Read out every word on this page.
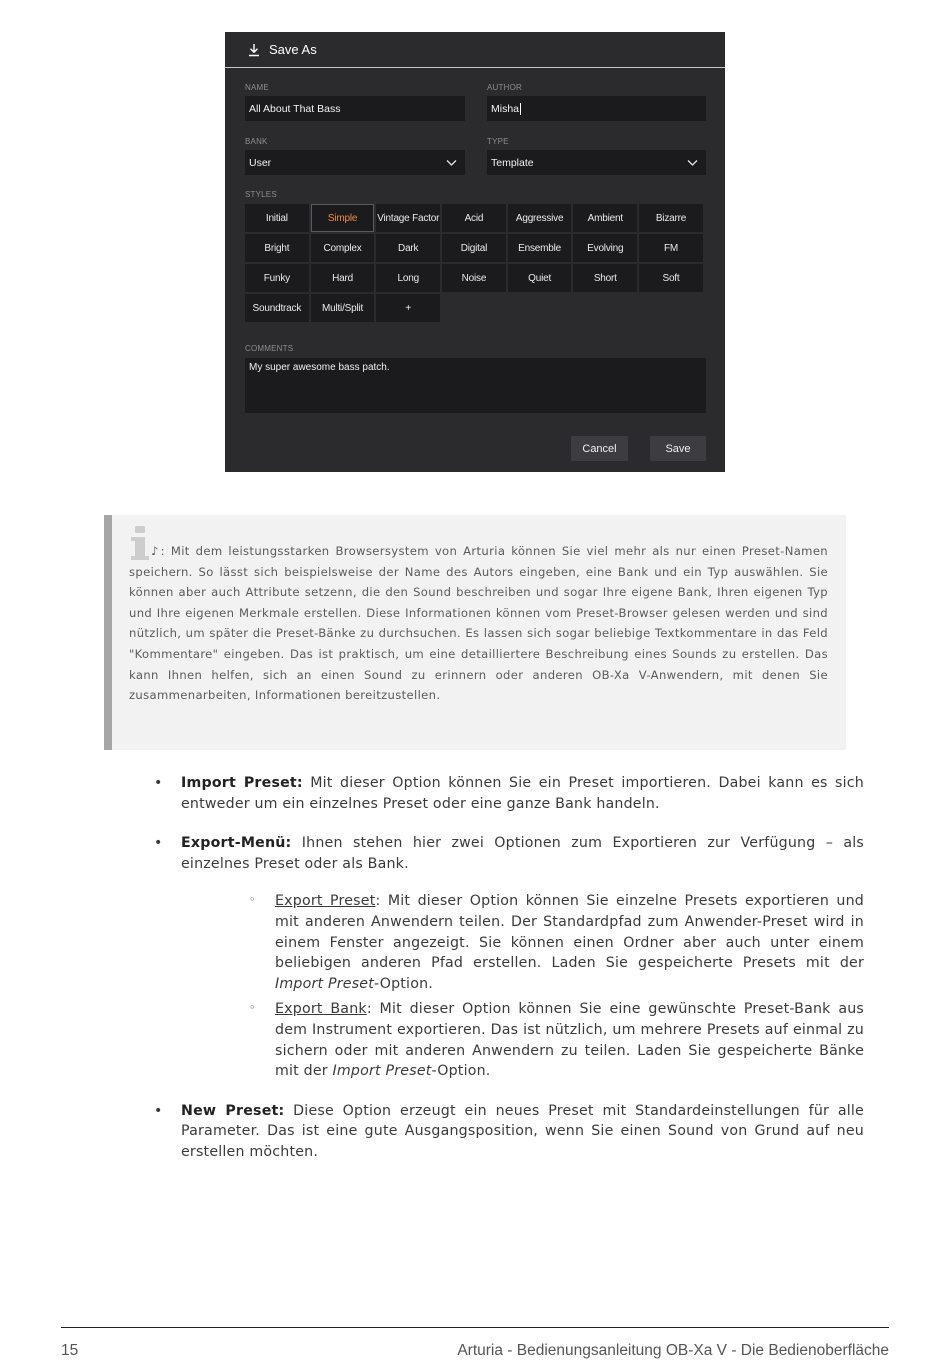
Save As
NAME
All About That Bass
AUTHOR
Misha
BANK
User
TYPE
Template
STYLES
Initial	Simple	Vintage Factor	Acid	Aggressive	Ambient	Bizarre
Bright	Complex	Dark	Digital	Ensemble	Evolving	FM
Funky	Hard	Long	Noise	Quiet	Short	Soft
Soundtrack	Multi/Split	+
COMMENTS
My super awesome bass patch.
Cancel	Save

♪: Mit dem leistungsstarken Browsersystem von Arturia können Sie viel mehr als nur einen Preset-Namen speichern. So lässt sich beispielsweise der Name des Autors eingeben, eine Bank und ein Typ auswählen. Sie können aber auch Attribute setzenn, die den Sound beschreiben und sogar Ihre eigene Bank, Ihren eigenen Typ und Ihre eigenen Merkmale erstellen. Diese Informationen können vom Preset-Browser gelesen werden und sind nützlich, um später die Preset-Bänke zu durchsuchen. Es lassen sich sogar beliebige Textkommentare in das Feld "Kommentare" eingeben. Das ist praktisch, um eine detailliertere Beschreibung eines Sounds zu erstellen. Das kann Ihnen helfen, sich an einen Sound zu erinnern oder anderen OB-Xa V-Anwendern, mit denen Sie zusammenarbeiten, Informationen bereitzustellen.

• Import Preset: Mit dieser Option können Sie ein Preset importieren. Dabei kann es sich entweder um ein einzelnes Preset oder eine ganze Bank handeln.
• Export-Menü: Ihnen stehen hier zwei Optionen zum Exportieren zur Verfügung – als einzelnes Preset oder als Bank.
◦ Export Preset: Mit dieser Option können Sie einzelne Presets exportieren und mit anderen Anwendern teilen. Der Standardpfad zum Anwender-Preset wird in einem Fenster angezeigt. Sie können einen Ordner aber auch unter einem beliebigen anderen Pfad erstellen. Laden Sie gespeicherte Presets mit der Import Preset-Option.
◦ Export Bank: Mit dieser Option können Sie eine gewünschte Preset-Bank aus dem Instrument exportieren. Das ist nützlich, um mehrere Presets auf einmal zu sichern oder mit anderen Anwendern zu teilen. Laden Sie gespeicherte Bänke mit der Import Preset-Option.
• New Preset: Diese Option erzeugt ein neues Preset mit Standardeinstellungen für alle Parameter. Das ist eine gute Ausgangsposition, wenn Sie einen Sound von Grund auf neu erstellen möchten.
15	Arturia - Bedienungsanleitung OB-Xa V - Die Bedienoberfläche
